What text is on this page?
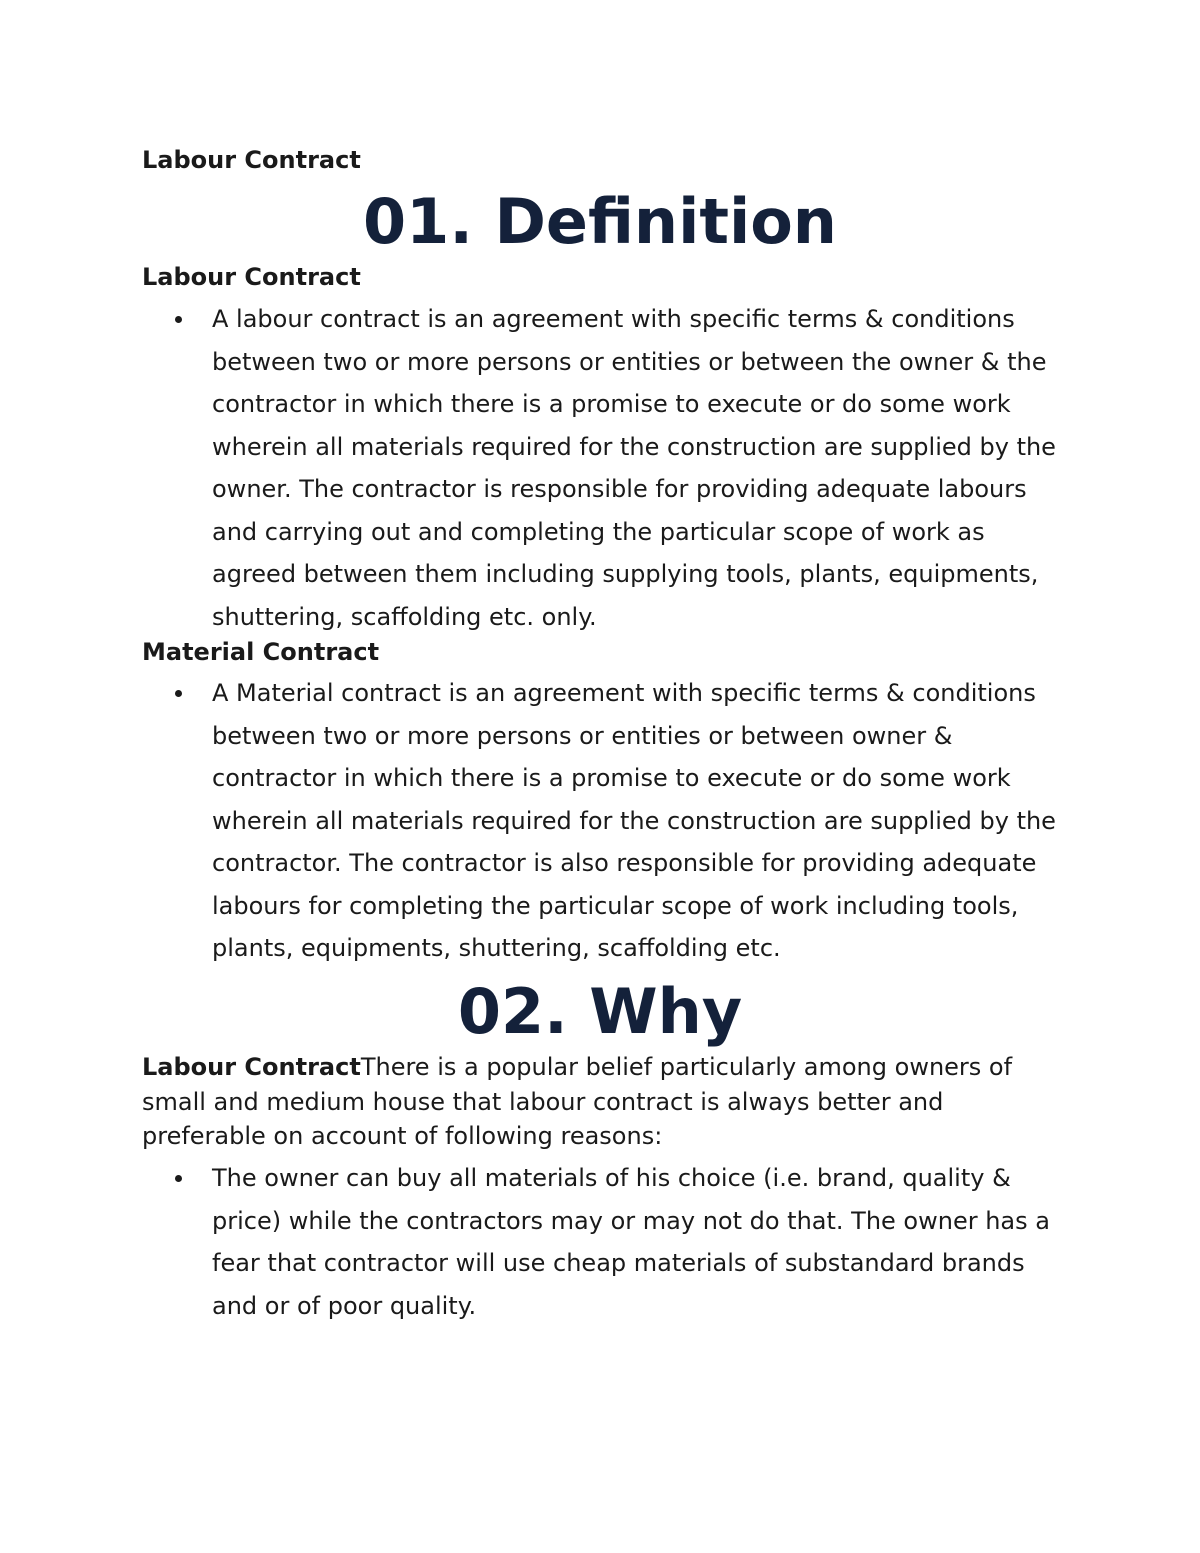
Labour Contract

01. Definition
Labour Contract
A labour contract is an agreement with specific terms & conditions between two or more persons or entities or between the owner & the contractor in which there is a promise to execute or do some work wherein all materials required for the construction are supplied by the owner. The contractor is responsible for providing adequate labours and carrying out and completing the particular scope of work as agreed between them including supplying tools, plants, equipments, shuttering, scaffolding etc. only.
Material Contract
A Material contract is an agreement with specific terms & conditions between two or more persons or entities or between owner & contractor in which there is a promise to execute or do some work wherein all materials required for the construction are supplied by the contractor. The contractor is also responsible for providing adequate labours for completing the particular scope of work including tools, plants, equipments, shuttering, scaffolding etc.
02. Why

Labour ContractThere is a popular belief particularly among owners of small and medium house that labour contract is always better and preferable on account of following reasons:

The owner can buy all materials of his choice (i.e. brand, quality & price) while the contractors may or may not do that. The owner has a fear that contractor will use cheap materials of substandard brands and or of poor quality.
